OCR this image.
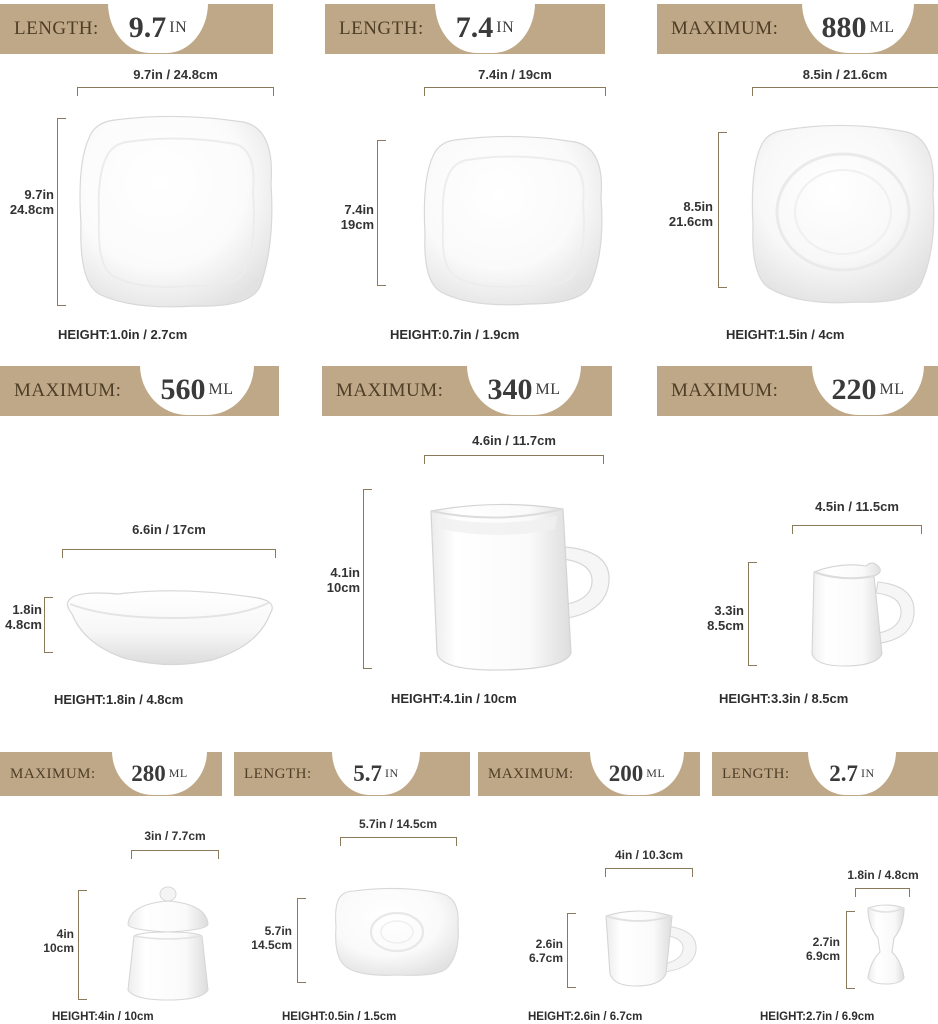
LENGTH: 9.7 IN	LENGTH: 7.4 IN	MAXIMUM: 880 ML
9.7in / 24.8cm
9.7in
24.8cm
HEIGHT:1.0in / 2.7cm
7.4in / 19cm
7.4in
19cm
HEIGHT:0.7in / 1.9cm
8.5in / 21.6cm
8.5in
21.6cm
HEIGHT:1.5in / 4cm
MAXIMUM: 560 ML	MAXIMUM: 340 ML	MAXIMUM: 220 ML
6.6in / 17cm
1.8in
4.8cm
HEIGHT:1.8in / 4.8cm
4.6in / 11.7cm
4.1in
10cm
HEIGHT:4.1in / 10cm
4.5in / 11.5cm
3.3in
8.5cm
HEIGHT:3.3in / 8.5cm
MAXIMUM: 280 ML	LENGTH: 5.7 IN	MAXIMUM: 200 ML	LENGTH: 2.7 IN
3in / 7.7cm
4in
10cm
HEIGHT:4in / 10cm
5.7in / 14.5cm
5.7in
14.5cm
HEIGHT:0.5in / 1.5cm
4in / 10.3cm
2.6in
6.7cm
HEIGHT:2.6in / 6.7cm
1.8in / 4.8cm
2.7in
6.9cm
HEIGHT:2.7in / 6.9cm
